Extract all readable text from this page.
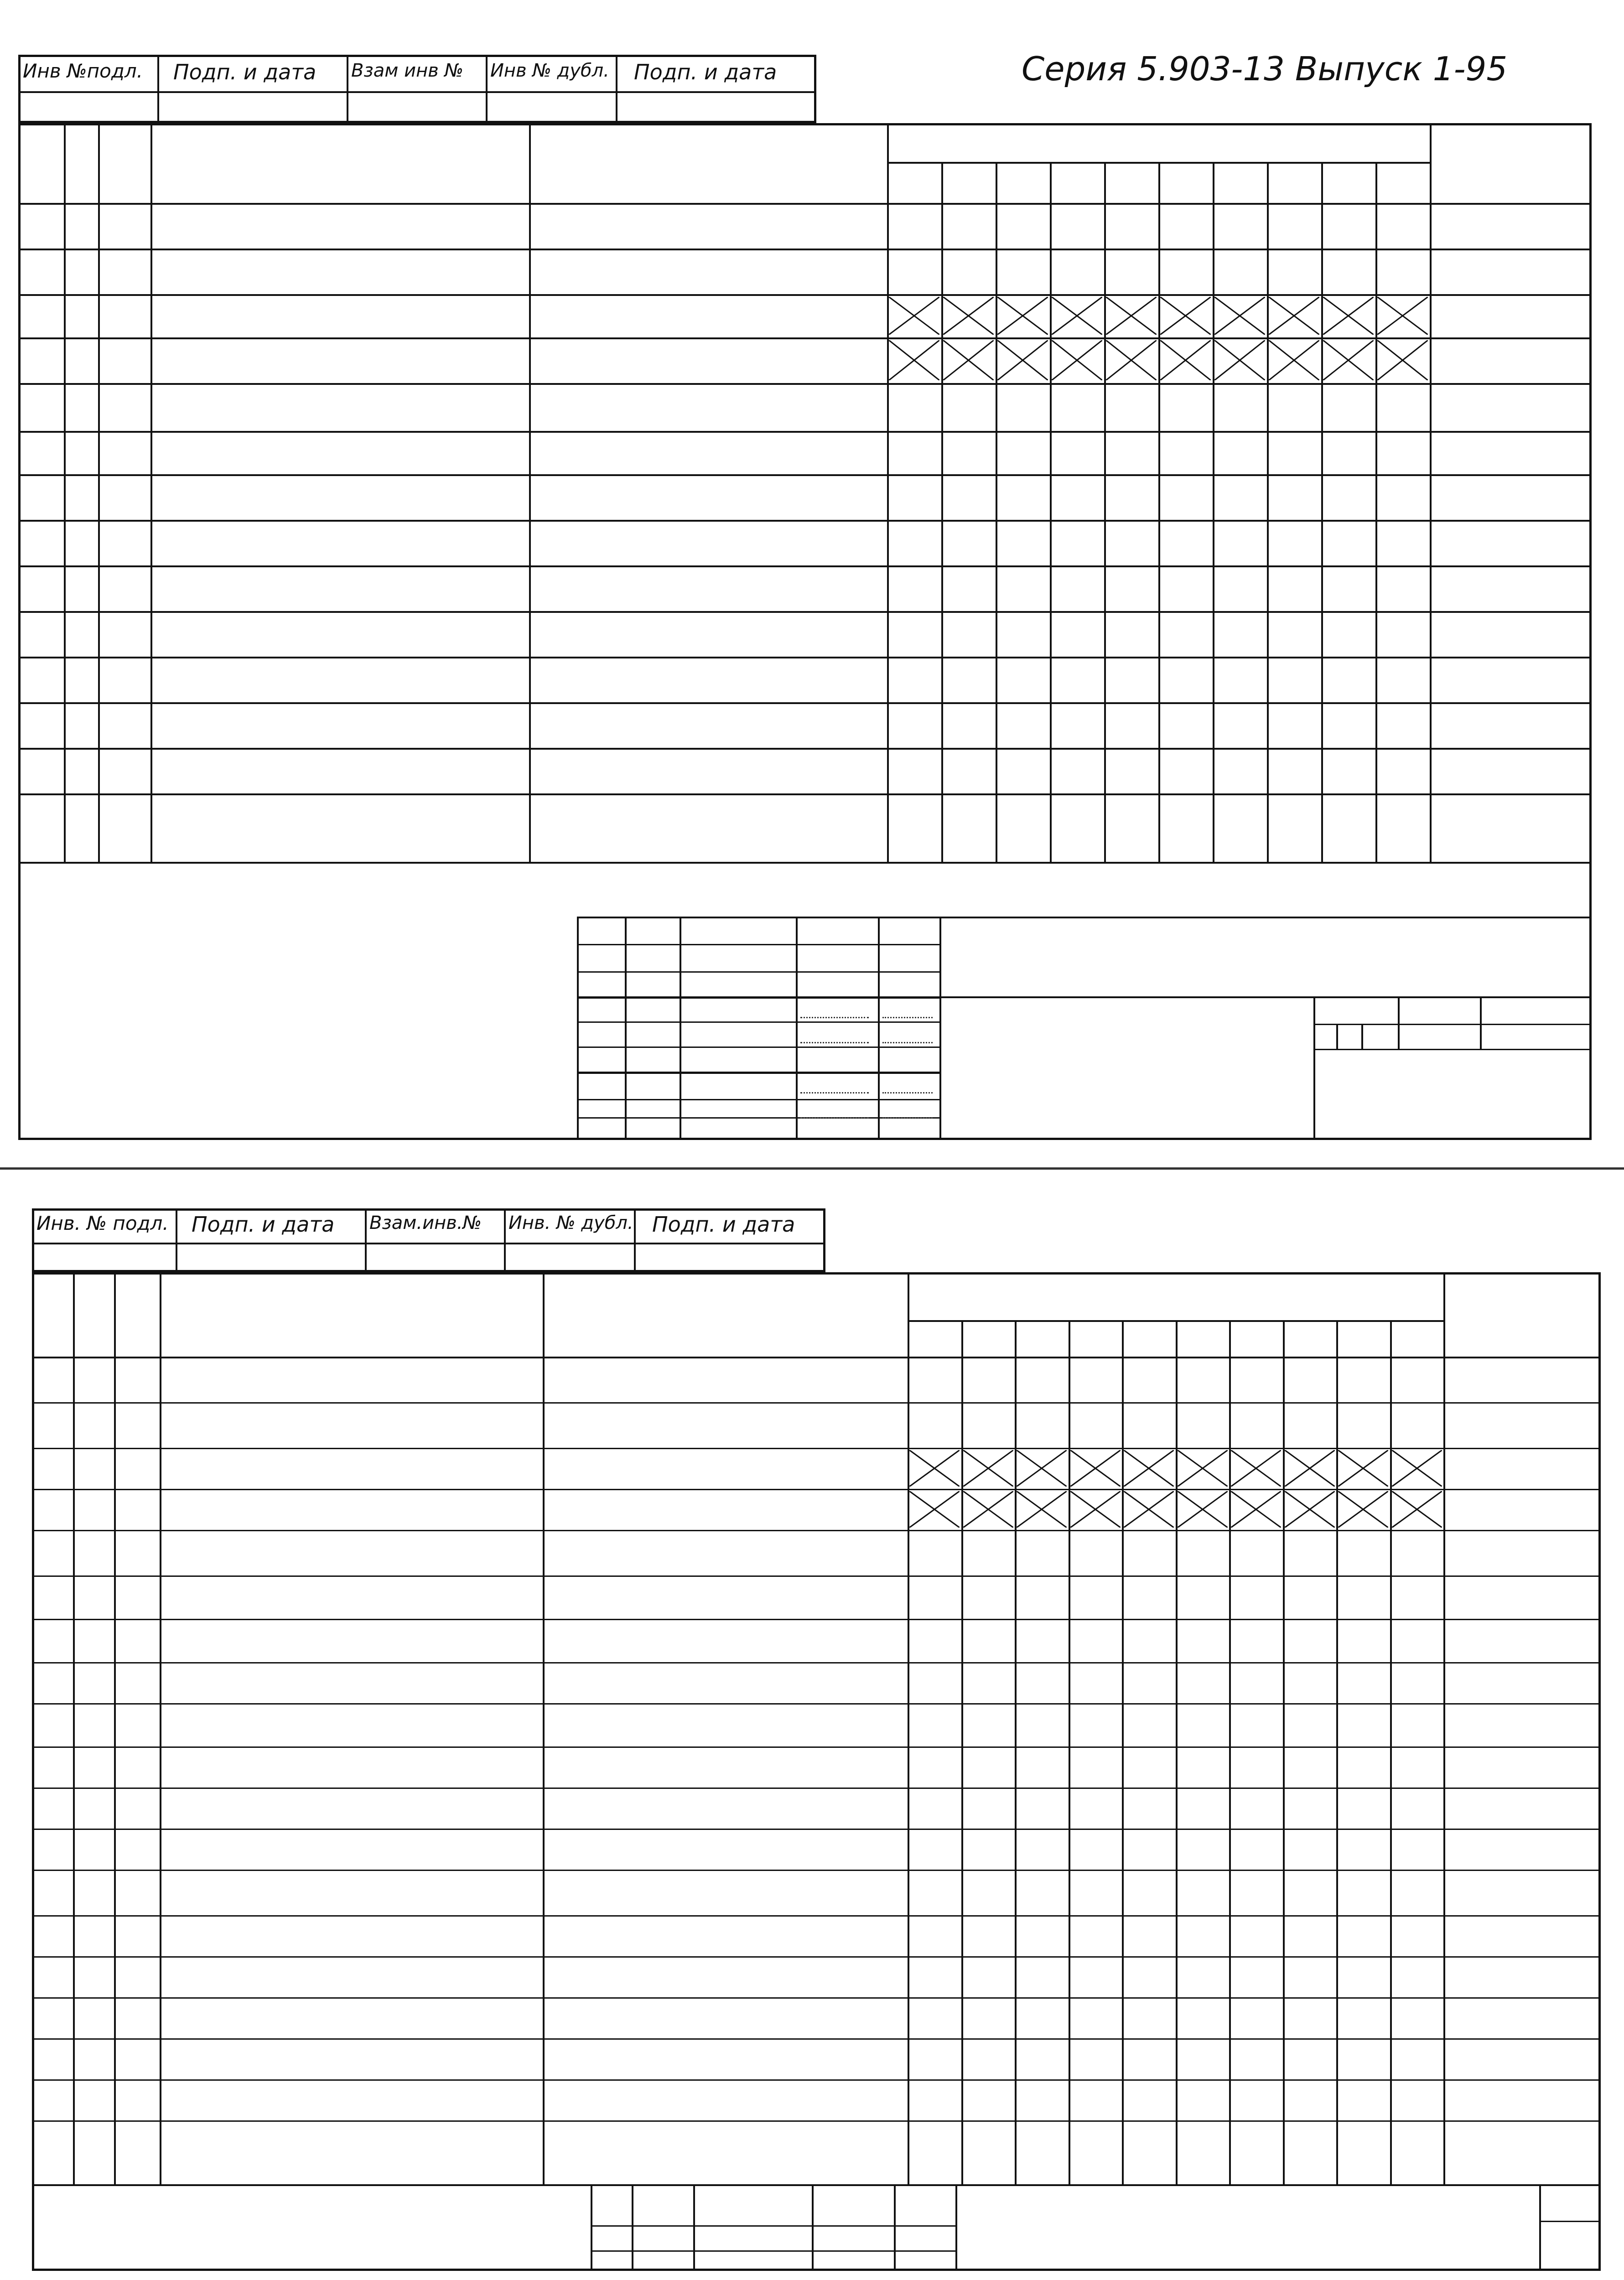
Инв №подл. Подп. и дата Взам инв № Инв № дубл. Подп. и дата	Серия 5.903-13 Выпуск 1-95
Инв. № подл. Подп. и дата Взам.инв.№ Инв. № дубл. Подп. и дата
